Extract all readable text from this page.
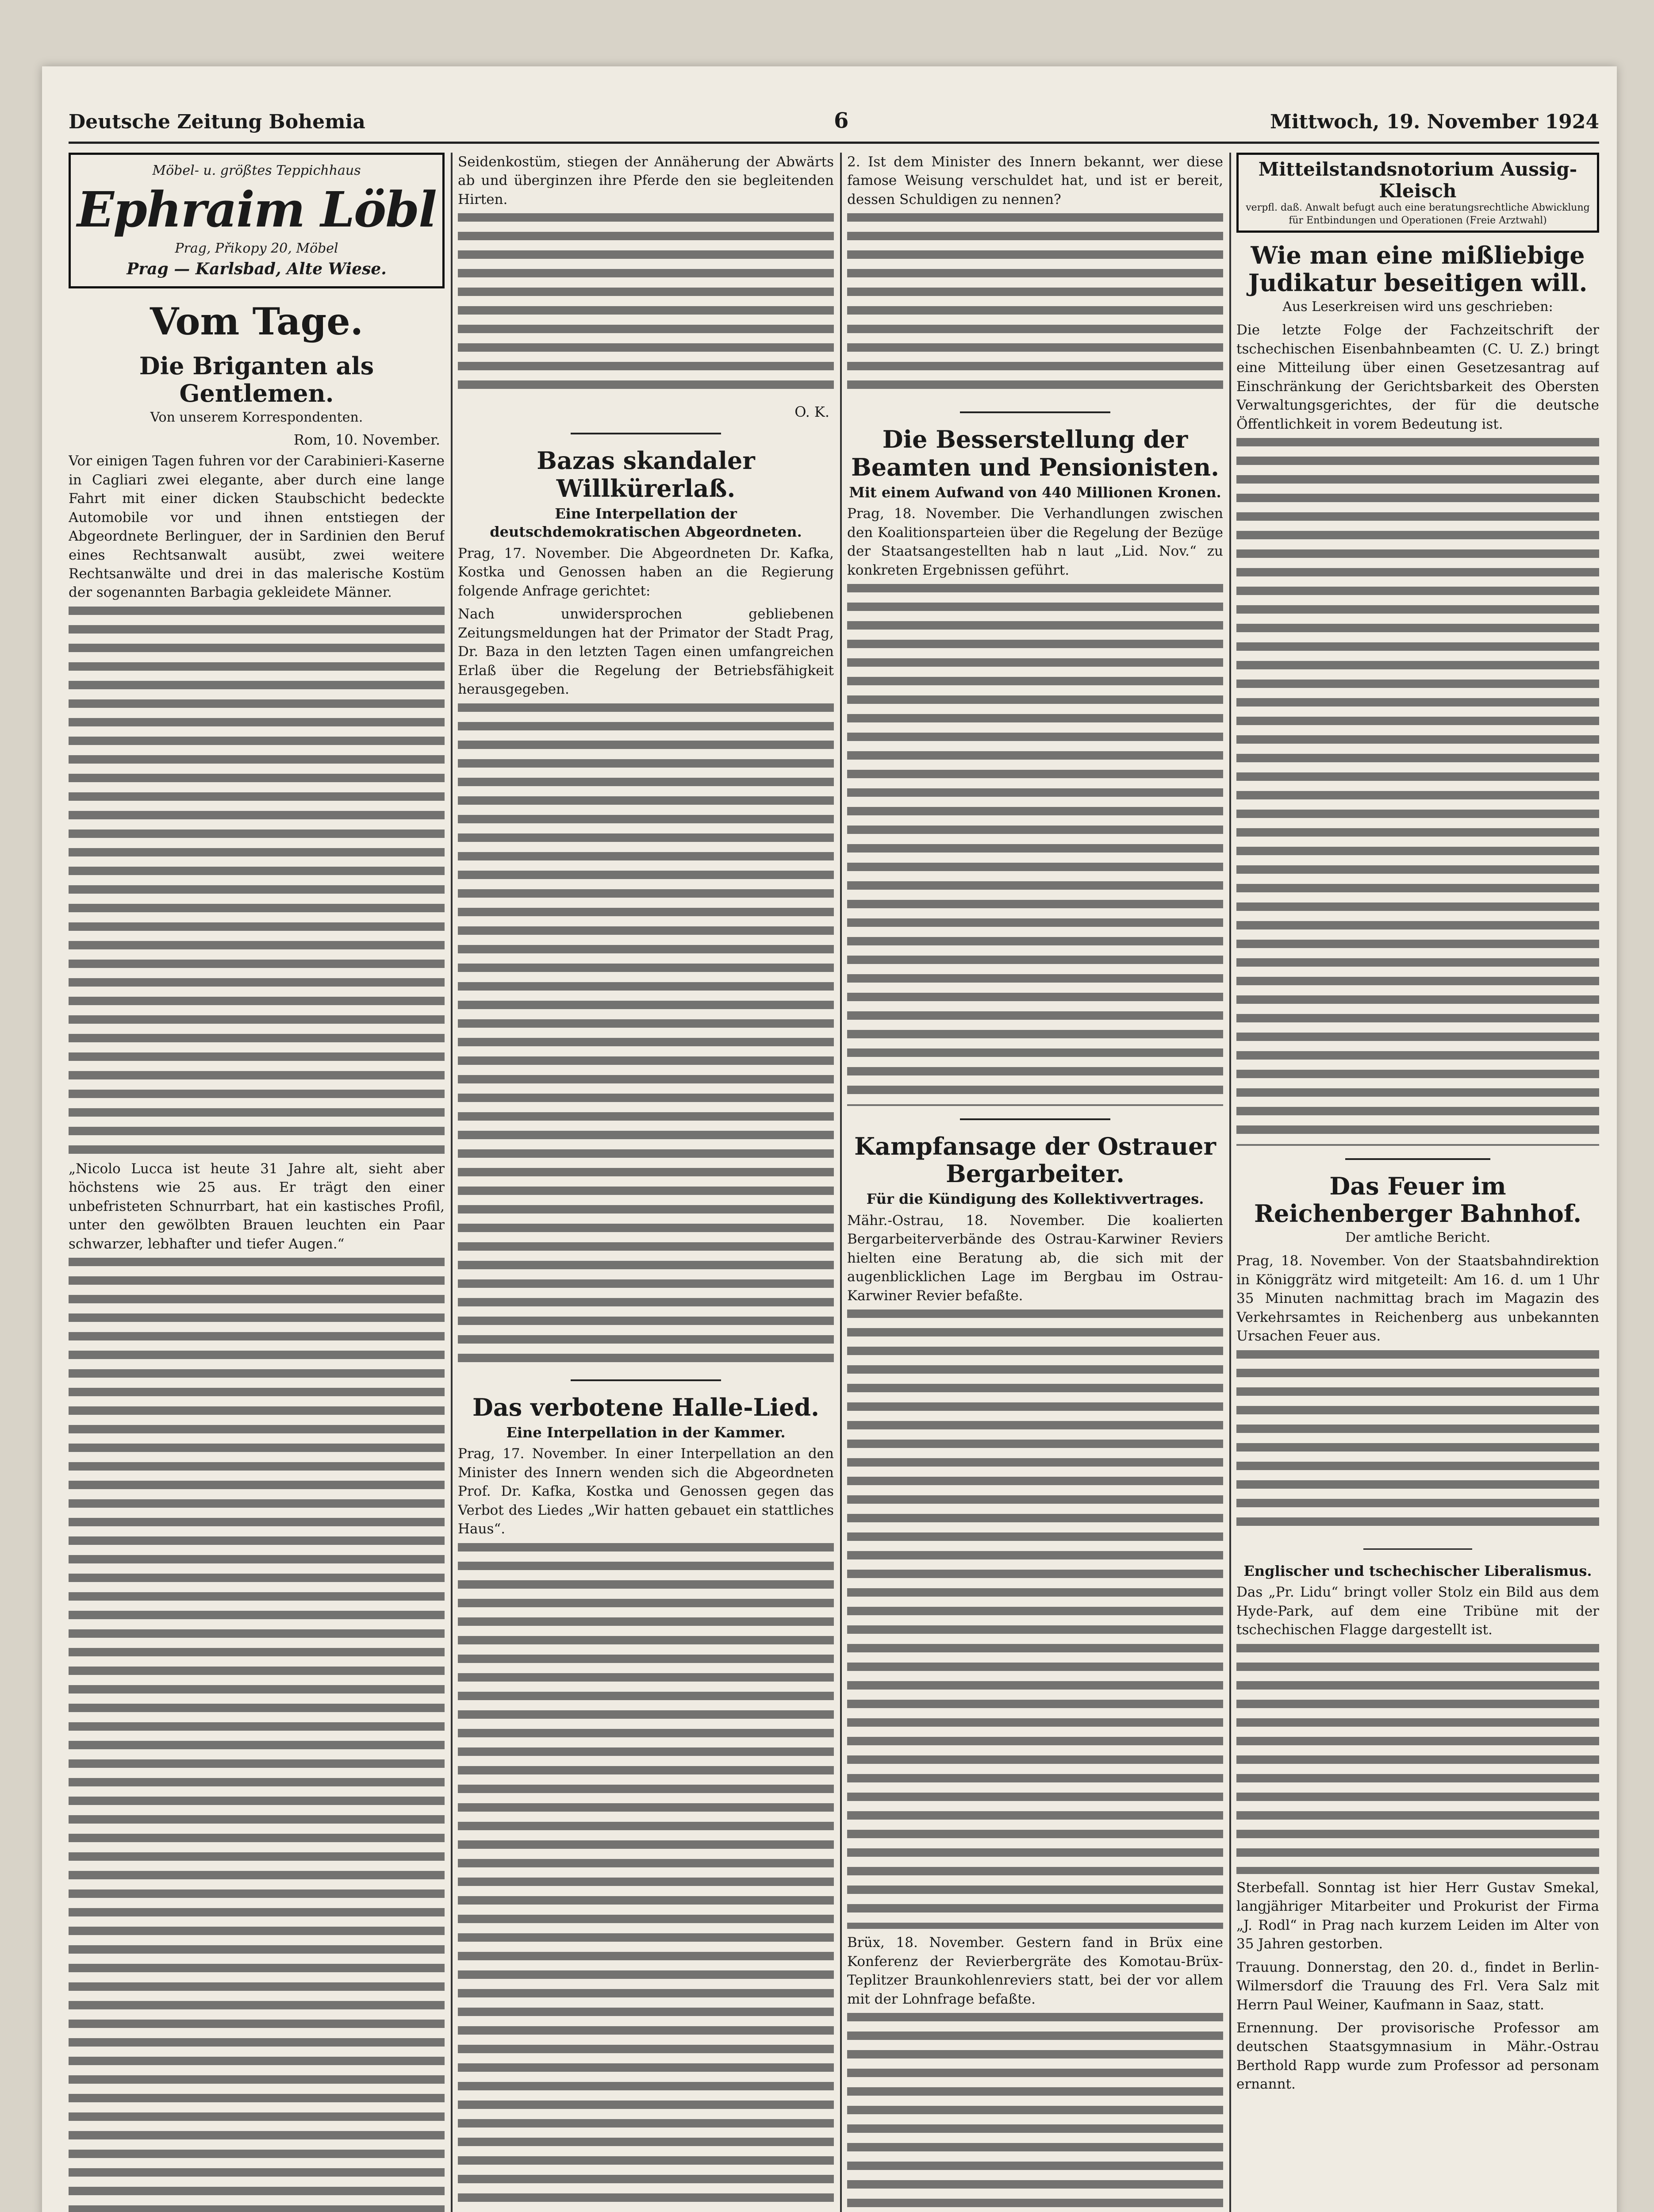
Deutsche Zeitung Bohemia	6	Mittwoch, 19. November 1924
Möbel- u. größtes Teppichhaus
Ephraim Löbl
Prag, Přikopy 20, Möbel
Prag — Karlsbad, Alte Wiese.
Vom Tage.
Die Briganten als Gentlemen.
Von unserem Korrespondenten.
Rom, 10. November.

Vor einigen Tagen fuhren vor der Carabinieri-Kaserne in Cagliari zwei elegante, aber durch eine lange Fahrt mit einer dicken Staubschicht bedeckte Automobile vor und ihnen entstiegen der Abgeordnete Berlinguer, der in Sardinien den Beruf eines Rechtsanwalt ausübt, zwei weitere Rechtsanwälte und drei in das malerische Kostüm der sogenannten Barbagia gekleidete Männer.

„Nicolo Lucca ist heute 31 Jahre alt, sieht aber höchstens wie 25 aus. Er trägt den einer unbefristeten Schnurrbart, hat ein kastisches Profil, unter den gewölbten Brauen leuchten ein Paar schwarzer, lebhafter und tiefer Augen.“

Seidenkostüm, stiegen der Annäherung der Abwärts ab und überginzen ihre Pferde den sie begleitenden Hirten.

O. K.
Bazas skandaler Willkürerlaß.
Eine Interpellation der deutschdemokratischen Abgeordneten.

Prag, 17. November. Die Abgeordneten Dr. Kafka, Kostka und Genossen haben an die Regierung folgende Anfrage gerichtet:

Nach unwidersprochen gebliebenen Zeitungsmeldungen hat der Primator der Stadt Prag, Dr. Baza in den letzten Tagen einen umfangreichen Erlaß über die Regelung der Betriebsfähigkeit herausgegeben.

Das verbotene Halle-Lied.
Eine Interpellation in der Kammer.

Prag, 17. November. In einer Interpellation an den Minister des Innern wenden sich die Abgeordneten Prof. Dr. Kafka, Kostka und Genossen gegen das Verbot des Liedes „Wir hatten gebauet ein stattliches Haus“.

2. Ist dem Minister des Innern bekannt, wer diese famose Weisung verschuldet hat, und ist er bereit, dessen Schuldigen zu nennen?

Die Besserstellung der Beamten und Pensionisten.
Mit einem Aufwand von 440 Millionen Kronen.

Prag, 18. November. Die Verhandlungen zwischen den Koalitionsparteien über die Regelung der Bezüge der Staatsangestellten hab n laut „Lid. Nov.“ zu konkreten Ergebnissen geführt.

Kampfansage der Ostrauer Bergarbeiter.
Für die Kündigung des Kollektivvertrages.

Mähr.-Ostrau, 18. November. Die koalierten Bergarbeiterverbände des Ostrau-Karwiner Reviers hielten eine Beratung ab, die sich mit der augenblicklichen Lage im Bergbau im Ostrau-Karwiner Revier befaßte.

Brüx, 18. November. Gestern fand in Brüx eine Konferenz der Revierbergräte des Komotau-Brüx-Teplitzer Braunkohlenreviers statt, bei der vor allem mit der Lohnfrage befaßte.

Mitteilstandsnotorium Aussig-Kleisch
verpfl. daß. Anwalt befugt auch eine beratungsrechtliche Abwicklung für Entbindungen und Operationen (Freie Arztwahl)
Wie man eine mißliebige Judikatur beseitigen will.
Aus Leserkreisen wird uns geschrieben:

Die letzte Folge der Fachzeitschrift der tschechischen Eisenbahnbeamten (C. U. Z.) bringt eine Mitteilung über einen Gesetzesantrag auf Einschränkung der Gerichtsbarkeit des Obersten Verwaltungsgerichtes, der für die deutsche Öffentlichkeit in vorem Bedeutung ist.

Das Feuer im Reichenberger Bahnhof.
Der amtliche Bericht.

Prag, 18. November. Von der Staatsbahndirektion in Königgrätz wird mitgeteilt: Am 16. d. um 1 Uhr 35 Minuten nachmittag brach im Magazin des Verkehrsamtes in Reichenberg aus unbekannten Ursachen Feuer aus.

Englischer und tschechischer Liberalismus.

Das „Pr. Lidu“ bringt voller Stolz ein Bild aus dem Hyde-Park, auf dem eine Tribüne mit der tschechischen Flagge dargestellt ist.

Sterbefall. Sonntag ist hier Herr Gustav Smekal, langjähriger Mitarbeiter und Prokurist der Firma „J. Rodl“ in Prag nach kurzem Leiden im Alter von 35 Jahren gestorben.

Trauung. Donnerstag, den 20. d., findet in Berlin-Wilmersdorf die Trauung des Frl. Vera Salz mit Herrn Paul Weiner, Kaufmann in Saaz, statt.

Ernennung. Der provisorische Professor am deutschen Staatsgymnasium in Mähr.-Ostrau Berthold Rapp wurde zum Professor ad personam ernannt.
